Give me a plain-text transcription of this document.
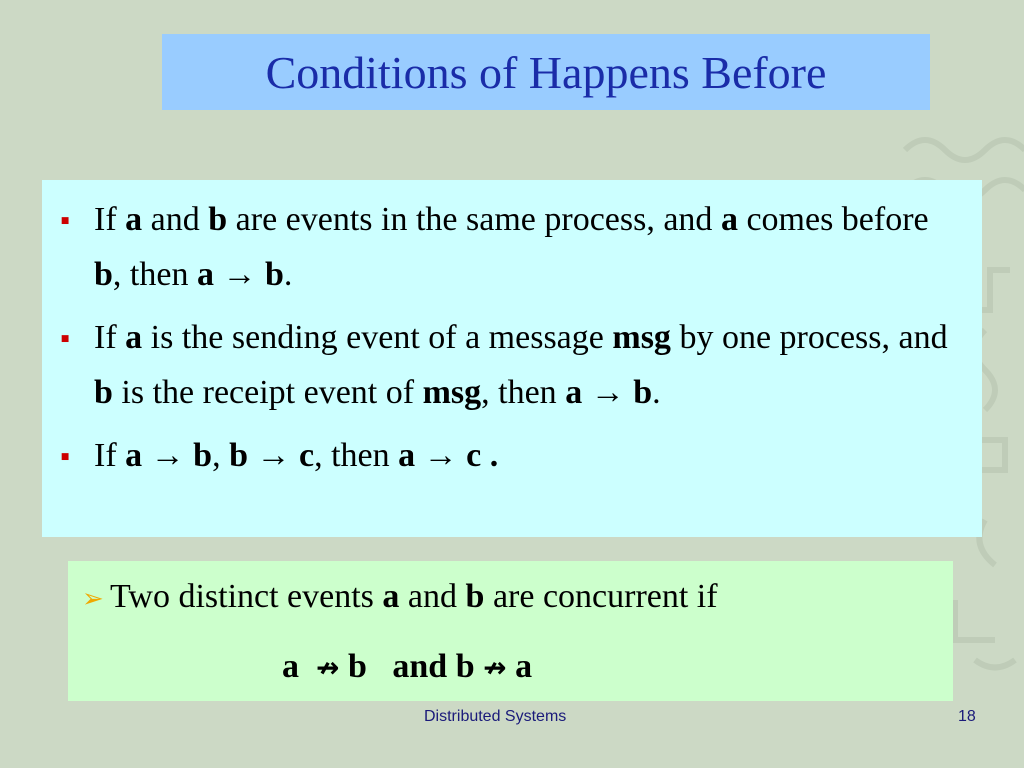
Conditions of Happens Before
■
If a and b are events in the same process, and a comes before b, then a → b.
■
If a is the sending event of a message msg by one process, and b is the receipt event of msg, then a → b.
■
If a → b, b → c, then a → c .
➢ Two distinct events a and b are concurrent if
a ↛ b and b ↛ a
Distributed Systems	18
